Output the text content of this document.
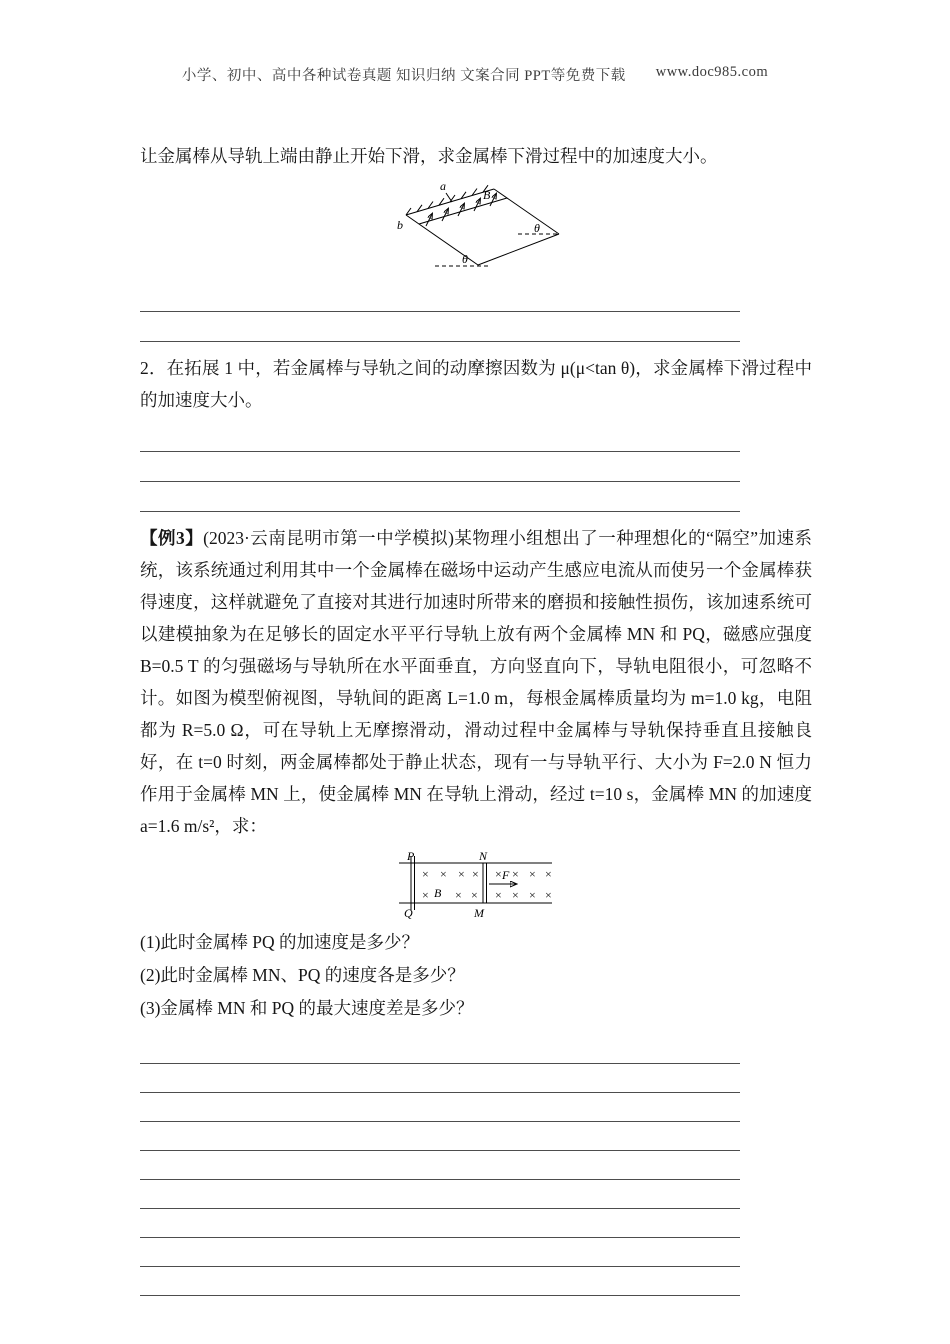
小学、初中、高中各种试卷真题 知识归纳 文案合同 PPT等免费下载 www.doc985.com

让金属棒从导轨上端由静止开始下滑，求金属棒下滑过程中的加速度大小。

a
B
b	θ
θ

2．在拓展 1 中，若金属棒与导轨之间的动摩擦因数为 μ(μ<tan θ)，求金属棒下滑过程中的加速度大小。

【例3】(2023·云南昆明市第一中学模拟)某物理小组想出了一种理想化的“隔空”加速系统，该系统通过利用其中一个金属棒在磁场中运动产生感应电流从而使另一个金属棒获得速度，这样就避免了直接对其进行加速时所带来的磨损和接触性损伤，该加速系统可以建模抽象为在足够长的固定水平平行导轨上放有两个金属棒 MN 和 PQ，磁感应强度 B=0.5 T 的匀强磁场与导轨所在水平面垂直，方向竖直向下，导轨电阻很小，可忽略不计。如图为模型俯视图，导轨间的距离 L=1.0 m，每根金属棒质量均为 m=1.0 kg，电阻都为 R=5.0 Ω，可在导轨上无摩擦滑动，滑动过程中金属棒与导轨保持垂直且接触良好，在 t=0 时刻，两金属棒都处于静止状态，现有一与导轨平行、大小为 F=2.0 N 恒力作用于金属棒 MN 上，使金属棒 MN 在导轨上滑动，经过 t=10 s，金属棒 MN 的加速度 a=1.6 m/s²，求：

× × × × × × × ×
× × × × × × ×
P	N
Q	M
B
F

(1)此时金属棒 PQ 的加速度是多少？

(2)此时金属棒 MN、PQ 的速度各是多少？

(3)金属棒 MN 和 PQ 的最大速度差是多少？
